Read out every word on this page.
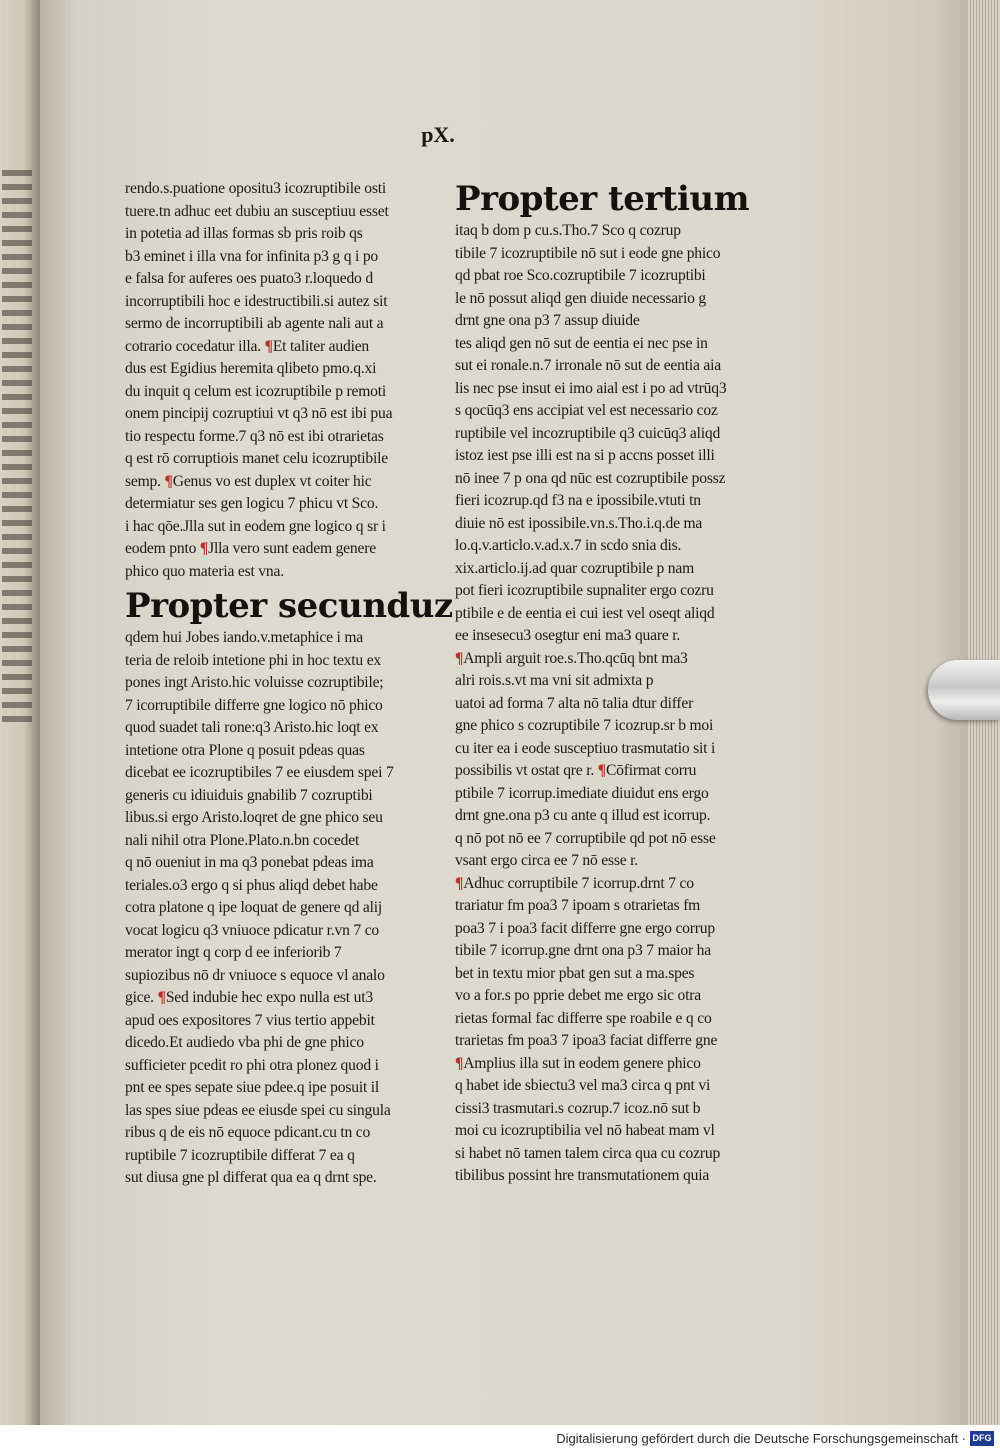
pX.
rendo.s.puatione opositu3 icozruptibile osti
tuere.tn adhuc eet dubiu an susceptiuu esset
in potetia ad illas formas sb pris roib qs
b3 eminet i illa vna for infinita p3 g q i po
e falsa for auferes oes puato3 r.loquedo d
incorruptibili hoc e idestructibili.si autez sit
sermo de incorruptibili ab agente nali aut a
cotrario cocedatur illa. ¶Et taliter audien
dus est Egidius heremita qlibeto pmo.q.xi
du inquit q celum est icozruptibile p remoti
onem pincipij cozruptiui vt q3 nō est ibi pua
tio respectu forme.7 q3 nō est ibi otrarietas
q est rō corruptiois manet celu icozruptibile
semp. ¶Genus vo est duplex vt coiter hic
determiatur ses gen logicu 7 phicu vt Sco.
i hac qōe.Jlla sut in eodem gne logico q sr i
eodem pnto ¶Jlla vero sunt eadem genere
phico quo materia est vna.
Propter secunduz
qdem hui Jobes iando.v.metaphice i ma
teria de reloib intetione phi in hoc textu ex
pones ingt Aristo.hic voluisse cozruptibile;
7 icorruptibile differre gne logico nō phico
quod suadet tali rone:q3 Aristo.hic loqt ex
intetione otra Plone q posuit pdeas quas
dicebat ee icozruptibiles 7 ee eiusdem spei 7
generis cu idiuiduis gnabilib 7 cozruptibi
libus.si ergo Aristo.loqret de gne phico seu
nali nihil otra Plone.Plato.n.bn cocedet
q nō oueniut in ma q3 ponebat pdeas ima
teriales.o3 ergo q si phus aliqd debet habe
cotra platone q ipe loquat de genere qd alij
vocat logicu q3 vniuoce pdicatur r.vn 7 co
merator ingt q corp d ee inferiorib 7
supiozibus nō dr vniuoce s equoce vl analo
gice. ¶Sed indubie hec expo nulla est ut3
apud oes expositores 7 vius tertio appebit
dicedo.Et audiedo vba phi de gne phico
sufficieter pcedit ro phi otra plonez quod i
pnt ee spes sepate siue pdee.q ipe posuit il
las spes siue pdeas ee eiusde spei cu singula
ribus q de eis nō equoce pdicant.cu tn co
ruptibile 7 icozruptibile differat 7 ea q
sut diusa gne pl differat qua ea q drnt spe.
Propter tertium
itaq b dom p cu.s.Tho.7 Sco q cozrup
tibile 7 icozruptibile nō sut i eode gne phico
qd pbat roe Sco.cozruptibile 7 icozruptibi
le nō possut aliqd gen diuide necessario g
drnt gne ona p3 7 assup diuide
tes aliqd gen nō sut de eentia ei nec pse in
sut ei ronale.n.7 irronale nō sut de eentia aia
lis nec pse insut ei imo aial est i po ad vtrūq3
s qocūq3 ens accipiat vel est necessario coz
ruptibile vel incozruptibile q3 cuicūq3 aliqd
istoz iest pse illi est na si p accns posset illi
nō inee 7 p ona qd nūc est cozruptibile possz
fieri icozrup.qd f3 na e ipossibile.vtuti tn
diuie nō est ipossibile.vn.s.Tho.i.q.de ma
lo.q.v.articlo.v.ad.x.7 in scdo snia dis.
xix.articlo.ij.ad quar cozruptibile p nam
pot fieri icozruptibile supnaliter ergo cozru
ptibile e de eentia ei cui iest vel oseqt aliqd
ee insesecu3 osegtur eni ma3 quare r.
¶Ampli arguit roe.s.Tho.qcūq bnt ma3
alri rois.s.vt ma vni sit admixta p
uatoi ad forma 7 alta nō talia dtur differ
gne phico s cozruptibile 7 icozrup.sr b moi
cu iter ea i eode susceptiuo trasmutatio sit i
possibilis vt ostat qre r. ¶Cōfirmat corru
ptibile 7 icorrup.imediate diuidut ens ergo
drnt gne.ona p3 cu ante q illud est icorrup.
q nō pot nō ee 7 corruptibile qd pot nō esse
vsant ergo circa ee 7 nō esse r.
¶Adhuc corruptibile 7 icorrup.drnt 7 co
trariatur fm poa3 7 ipoam s otrarietas fm
poa3 7 i poa3 facit differre gne ergo corrup
tibile 7 icorrup.gne drnt ona p3 7 maior ha
bet in textu mior pbat gen sut a ma.spes
vo a for.s po pprie debet me ergo sic otra
rietas formal fac differre spe roabile e q co
trarietas fm poa3 7 ipoa3 faciat differre gne
¶Amplius illa sut in eodem genere phico
q habet ide sbiectu3 vel ma3 circa q pnt vi
cissi3 trasmutari.s cozrup.7 icoz.nō sut b
moi cu icozruptibilia vel nō habeat mam vl
si habet nō tamen talem circa qua cu cozrup
tibilibus possint hre transmutationem quia
Digitalisierung gefördert durch die Deutsche Forschungsgemeinschaft · DFG
